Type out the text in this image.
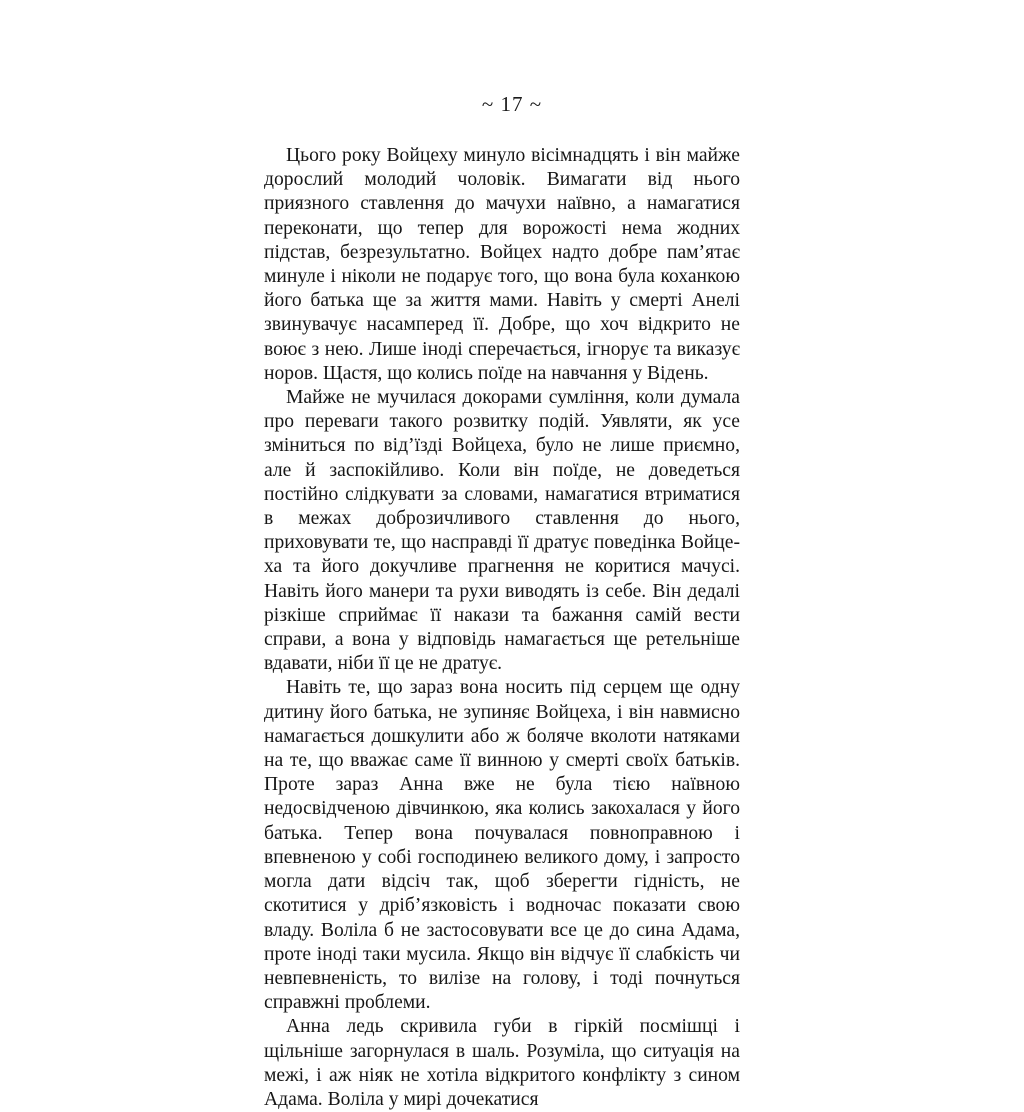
~ 17 ~

Цього року Войцеху минуло вісімнадцять і він майже дорослий молодий чоловік. Вимагати від нього приязного ставлення до мачухи наївно, а намагатися переконати, що тепер для ворожості нема жодних підстав, безрезультатно. Войцех надто добре пам’ятає минуле і ніколи не подарує того, що вона була коханкою його батька ще за життя мами. Навіть у смерті Анелі звинувачує насамперед її. Добре, що хоч відкрито не воює з нею. Лише іноді сперечається, ігнорує та виказує норов. Щастя, що колись поїде на навчання у Відень.

Майже не мучилася докорами сумління, коли думала про переваги такого розвитку подій. Уявляти, як усе зміниться по від’їзді Войцеха, було не лише приємно, але й заспокійливо. Коли він поїде, не доведеться постійно слідкувати за словами, намагатися втриматися в межах доброзичливого ставлення до нього, приховувати те, що насправді її дратує поведінка Войцеха та його докучливе прагнення не коритися мачусі. Навіть його манери та рухи виводять із себе. Він дедалі різкіше сприймає її накази та бажання самій вести справи, а вона у відповідь намагається ще ретельніше вдавати, ніби її це не дратує.

Навіть те, що зараз вона носить під серцем ще одну дитину його батька, не зупиняє Войцеха, і він навмисно намагається дошкулити або ж боляче вколоти натяками на те, що вважає саме її винною у смерті своїх батьків. Проте зараз Анна вже не була тією наївною недосвідченою дівчинкою, яка колись закохалася у його батька. Тепер вона почувалася повноправною і впевненою у собі господинею великого дому, і запросто могла дати відсіч так, щоб зберегти гідність, не скотитися у дріб’язковість і водночас показати свою владу. Воліла б не застосовувати все це до сина Адама, проте іноді таки мусила. Якщо він відчує її слабкість чи невпевненість, то вилізе на голову, і тоді почнуться справжні проблеми.

Анна ледь скривила губи в гіркій посмішці і щільніше загорнулася в шаль. Розуміла, що ситуація на межі, і аж ніяк не хотіла відкритого конфлікту з сином Адама. Воліла у мирі дочекатися
